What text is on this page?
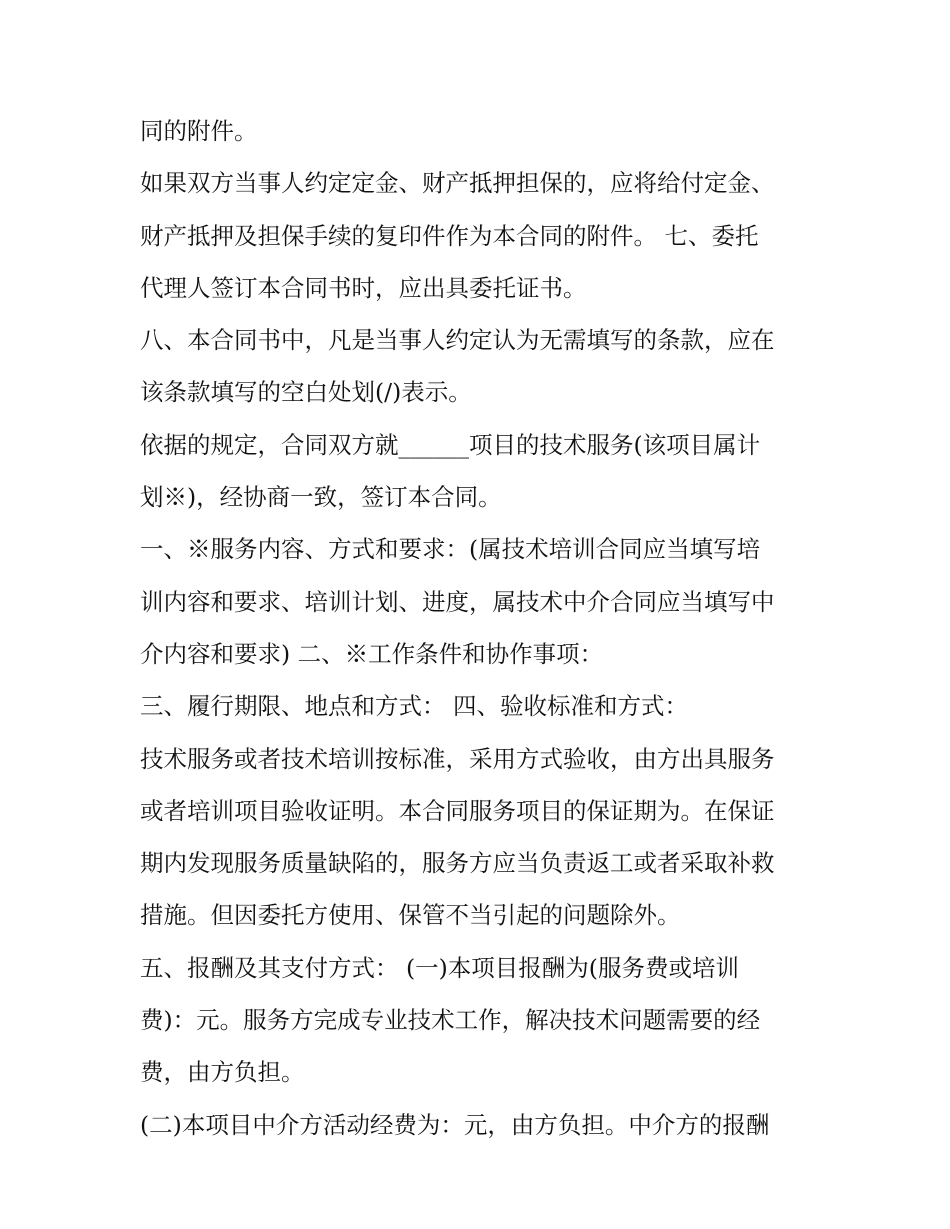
同的附件。
如果双方当事人约定定金、财产抵押担保的，应将给付定金、
财产抵押及担保手续的复印件作为本合同的附件。 七、委托
代理人签订本合同书时，应出具委托证书。
八、本合同书中，凡是当事人约定认为无需填写的条款，应在
该条款填写的空白处划(/)表示。
依据的规定，合同双方就______项目的技术服务(该项目属计
划※)，经协商一致，签订本合同。
一、※服务内容、方式和要求：(属技术培训合同应当填写培
训内容和要求、培训计划、进度，属技术中介合同应当填写中
介内容和要求) 二、※工作条件和协作事项：
三、履行期限、地点和方式： 四、验收标准和方式：
技术服务或者技术培训按标准，采用方式验收，由方出具服务
或者培训项目验收证明。本合同服务项目的保证期为。在保证
期内发现服务质量缺陷的，服务方应当负责返工或者采取补救
措施。但因委托方使用、保管不当引起的问题除外。
五、报酬及其支付方式： (一)本项目报酬为(服务费或培训
费)：元。服务方完成专业技术工作，解决技术问题需要的经
费，由方负担。
(二)本项目中介方活动经费为：元，由方负担。中介方的报酬
